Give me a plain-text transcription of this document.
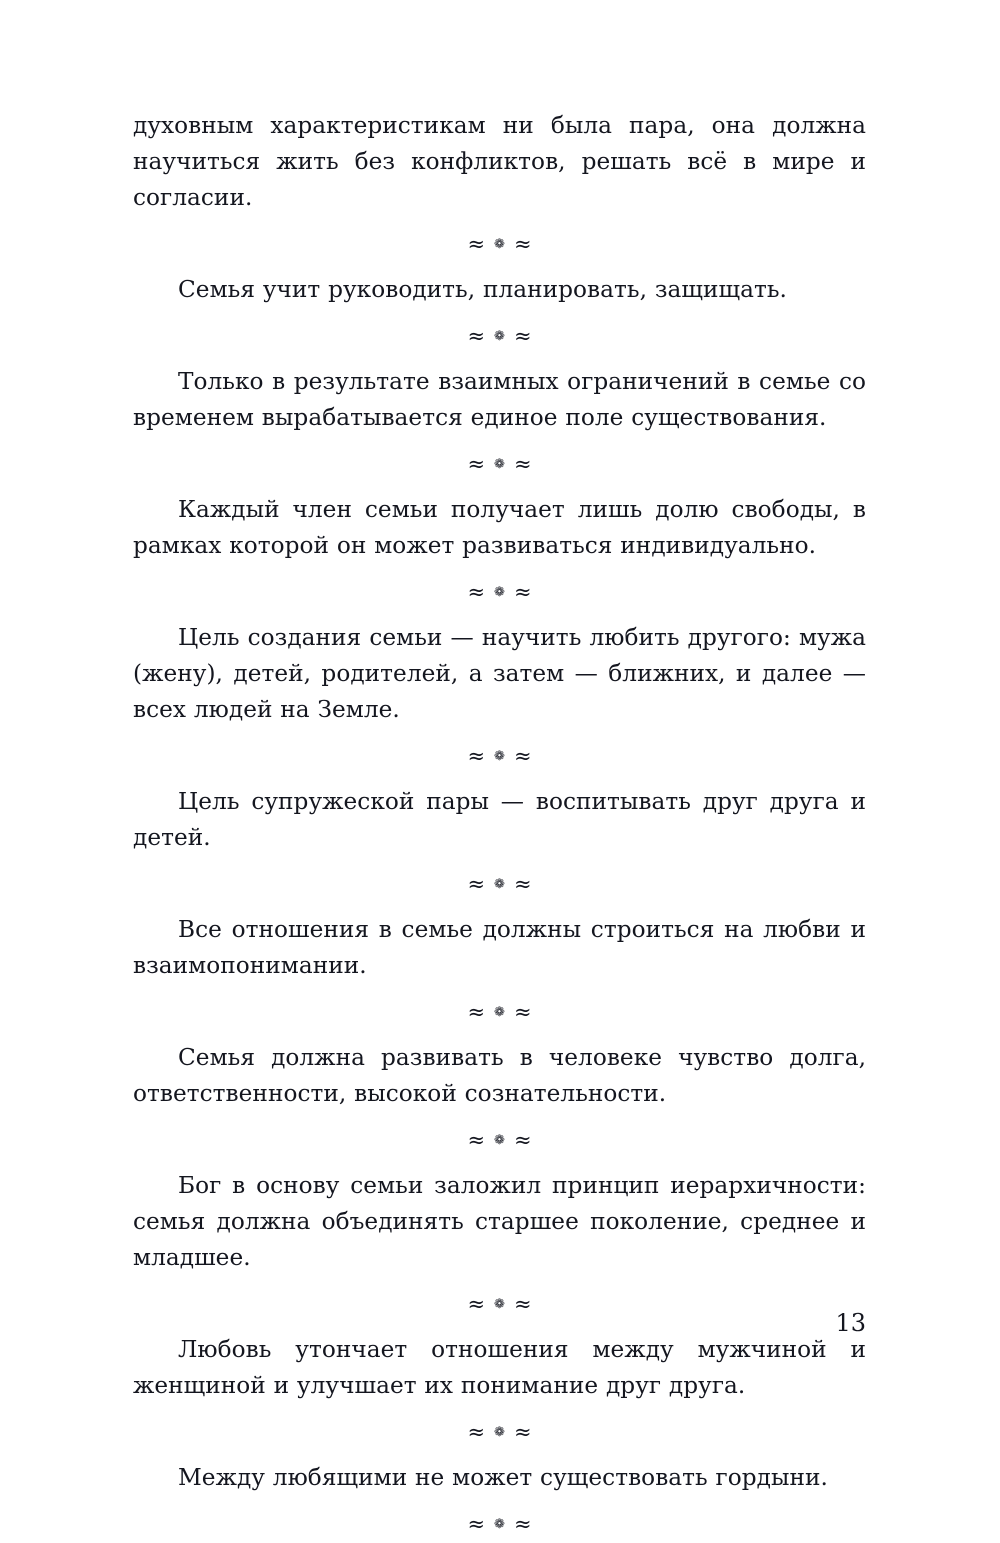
духовным характеристикам ни была пара, она должна научиться жить без конфликтов, решать всё в мире и согласии.

≈ ❁ ≈

Семья учит руководить, планировать, защищать.

≈ ❁ ≈

Только в результате взаимных ограничений в семье со временем вырабатывается единое поле существования.

≈ ❁ ≈

Каждый член семьи получает лишь долю свободы, в рамках которой он может развиваться индивидуально.

≈ ❁ ≈

Цель создания семьи — научить любить другого: мужа (жену), детей, родителей, а затем — ближних, и далее — всех людей на Земле.

≈ ❁ ≈

Цель супружеской пары — воспитывать друг друга и детей.

≈ ❁ ≈

Все отношения в семье должны строиться на любви и взаимопонимании.

≈ ❁ ≈

Семья должна развивать в человеке чувство долга, ответственности, высокой сознательности.

≈ ❁ ≈

Бог в основу семьи заложил принцип иерархичности: семья должна объединять старшее поколение, среднее и младшее.

≈ ❁ ≈

Любовь утончает отношения между мужчиной и женщиной и улучшает их понимание друг друга.

≈ ❁ ≈

Между любящими не может существовать гордыни.

≈ ❁ ≈
13
